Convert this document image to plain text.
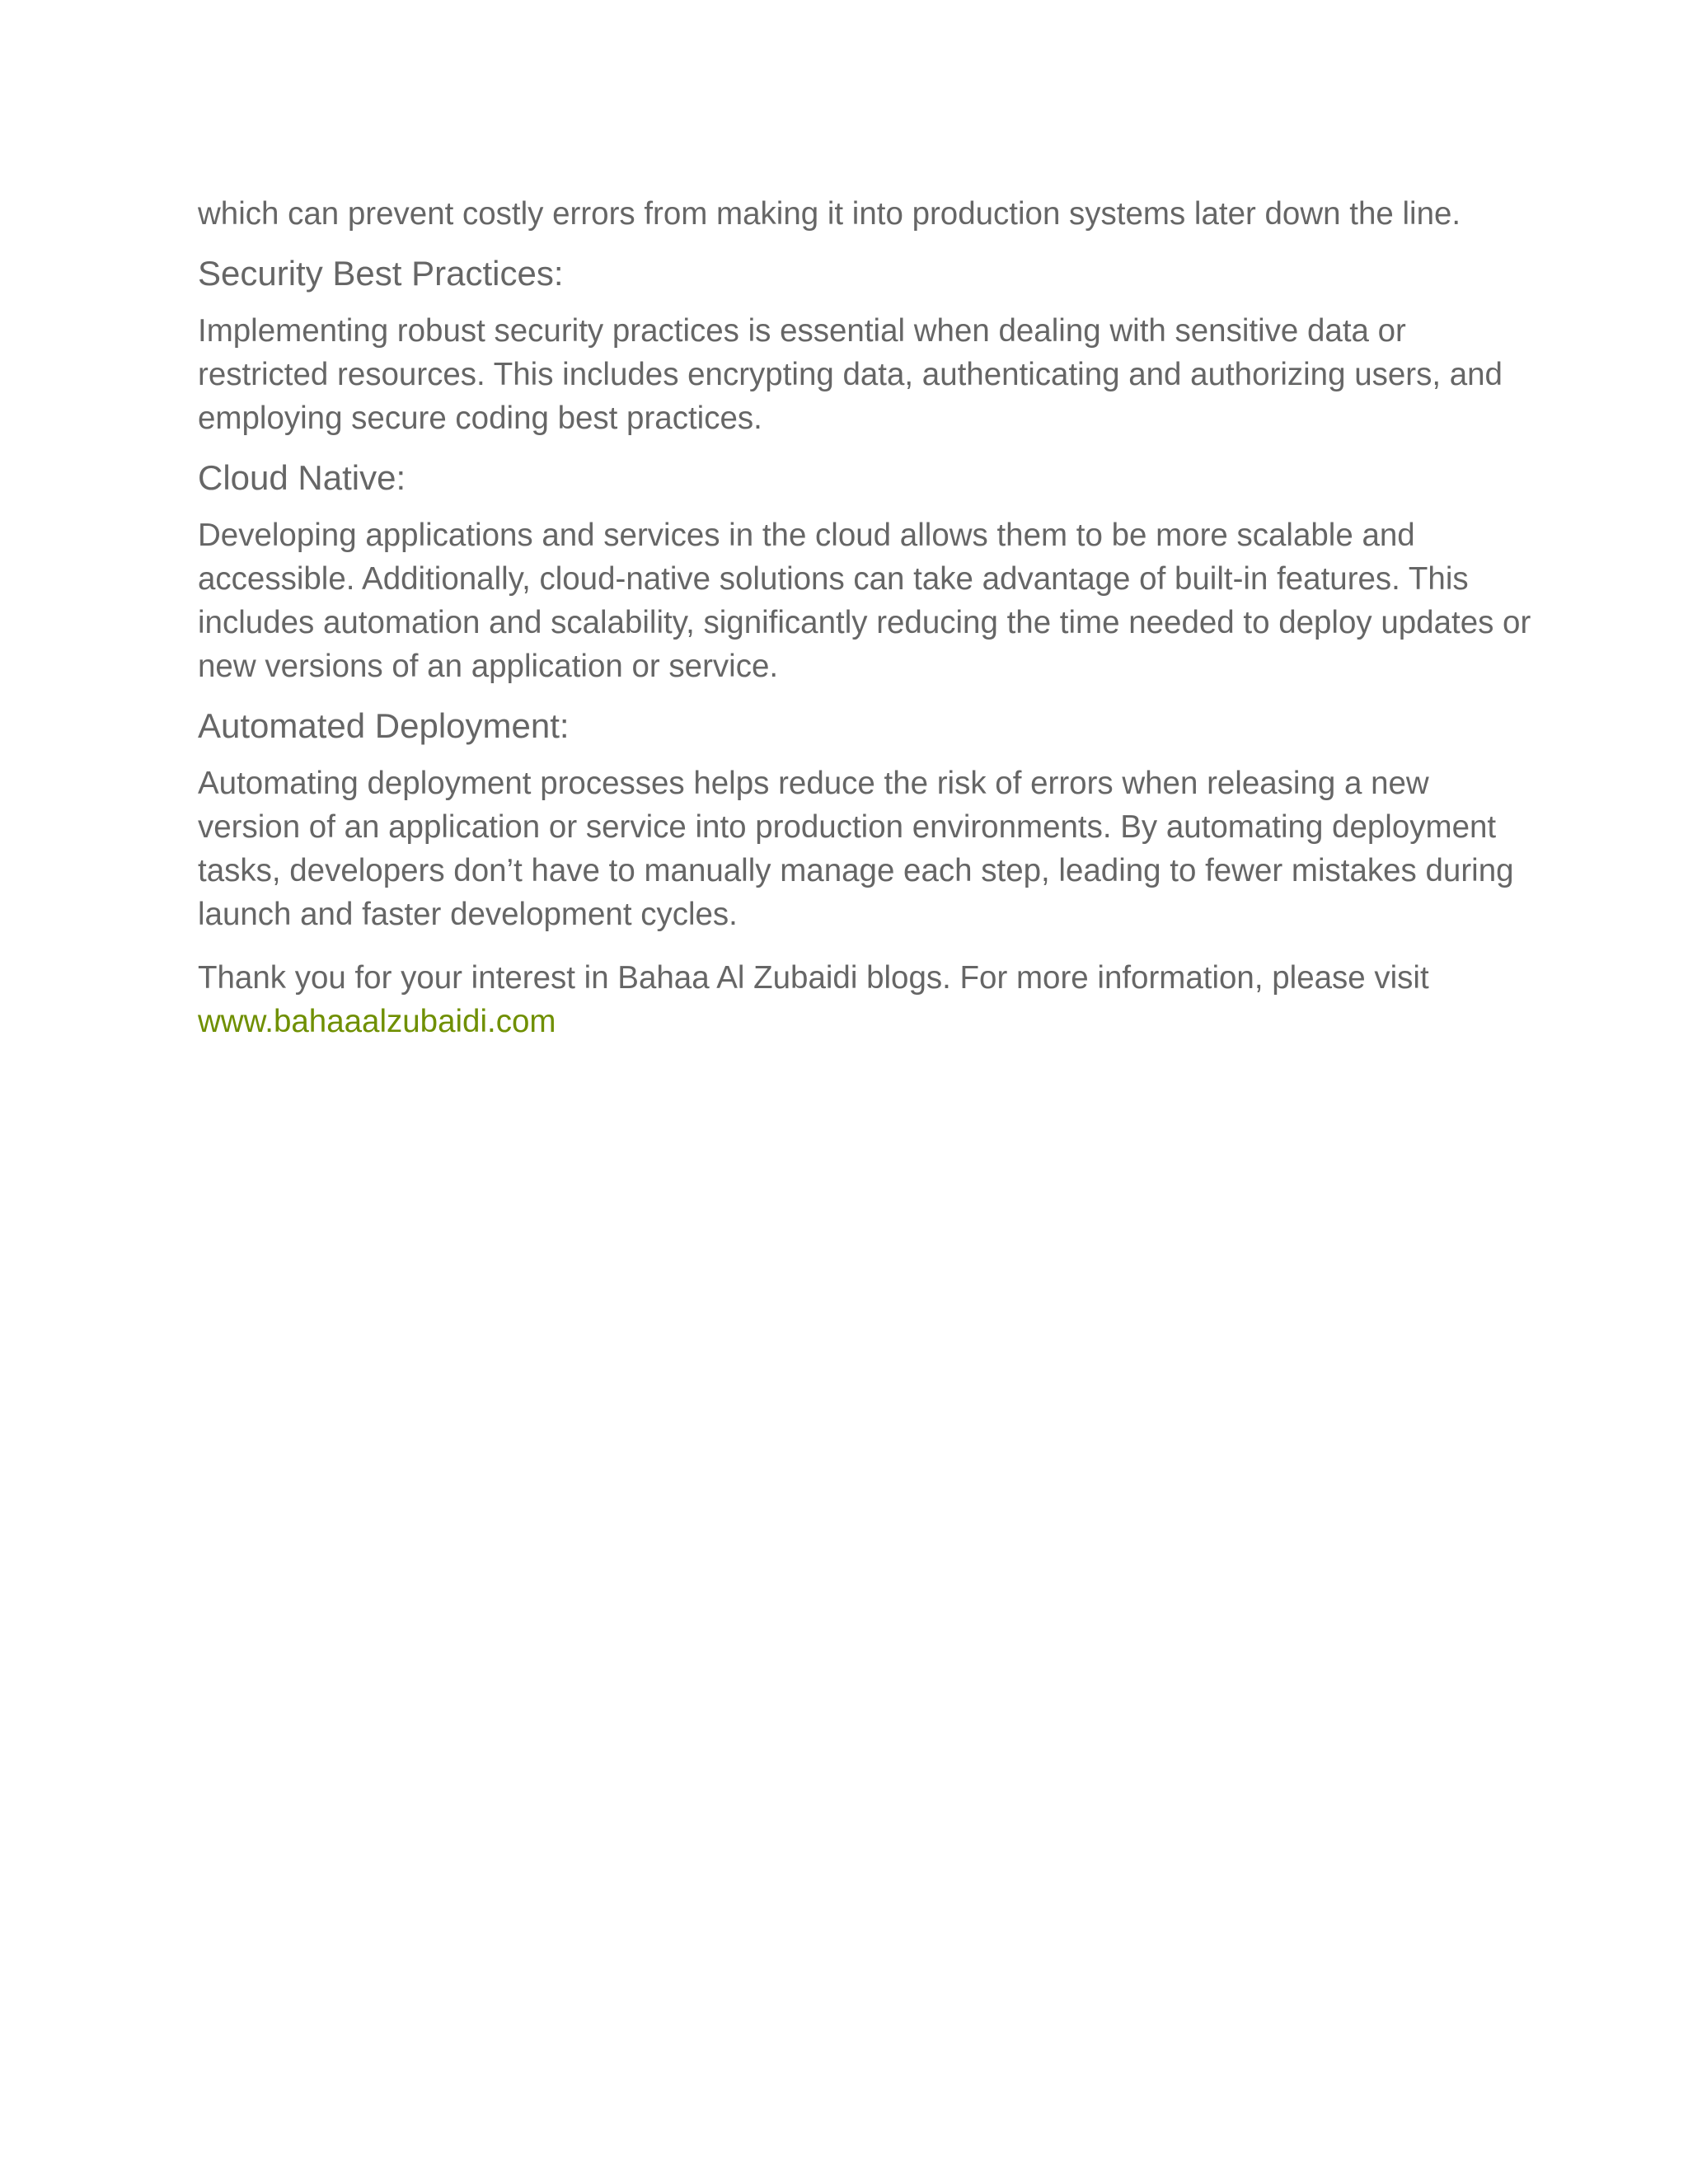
which can prevent costly errors from making it into production systems later down the line.

Security Best Practices:

Implementing robust security practices is essential when dealing with sensitive data or restricted resources. This includes encrypting data, authenticating and authorizing users, and employing secure coding best practices.

Cloud Native:

Developing applications and services in the cloud allows them to be more scalable and accessible. Additionally, cloud-native solutions can take advantage of built-in features. This includes automation and scalability, significantly reducing the time needed to deploy updates or new versions of an application or service.

Automated Deployment:

Automating deployment processes helps reduce the risk of errors when releasing a new version of an application or service into production environments. By automating deployment tasks, developers don’t have to manually manage each step, leading to fewer mistakes during launch and faster development cycles.

Thank you for your interest in Bahaa Al Zubaidi blogs. For more information, please visit
www.bahaaalzubaidi.com
